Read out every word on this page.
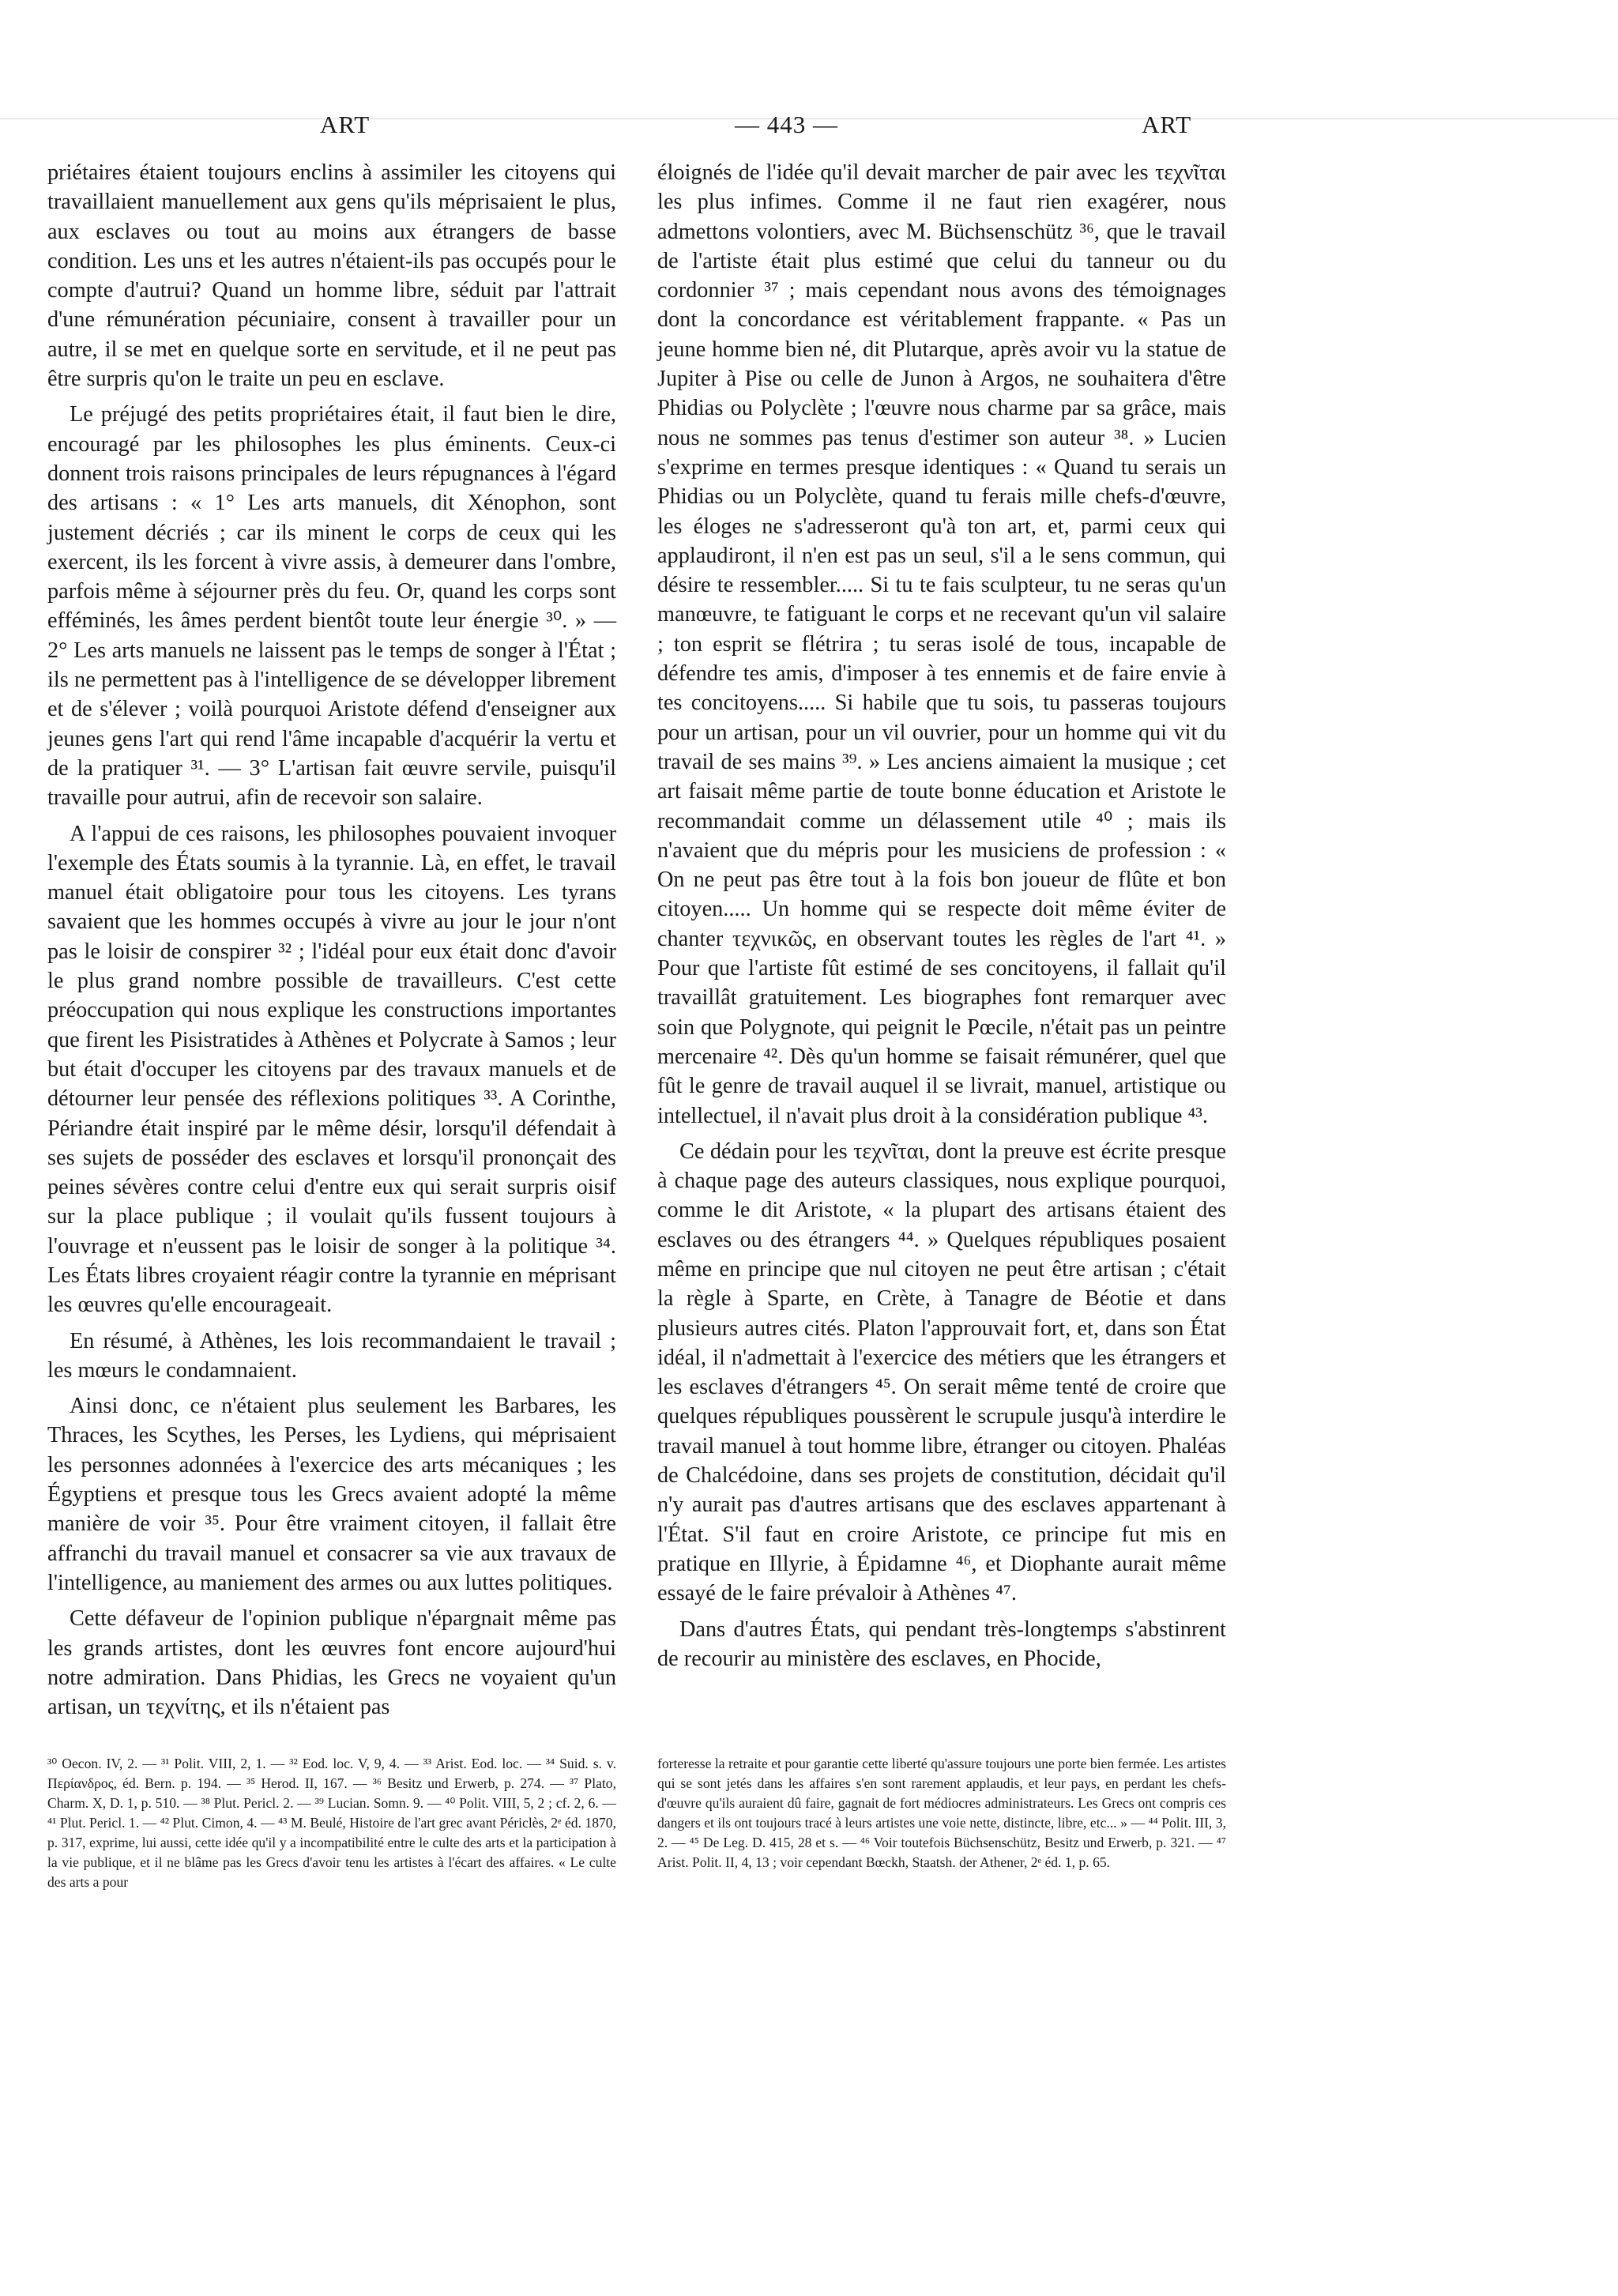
ART	— 443 —	ART

priétaires étaient toujours enclins à assimiler les citoyens qui travaillaient manuellement aux gens qu'ils méprisaient le plus, aux esclaves ou tout au moins aux étrangers de basse condition. Les uns et les autres n'étaient-ils pas occupés pour le compte d'autrui? Quand un homme libre, séduit par l'attrait d'une rémunération pécuniaire, consent à travailler pour un autre, il se met en quelque sorte en servitude, et il ne peut pas être surpris qu'on le traite un peu en esclave.

Le préjugé des petits propriétaires était, il faut bien le dire, encouragé par les philosophes les plus éminents. Ceux-ci donnent trois raisons principales de leurs répugnances à l'égard des artisans : « 1° Les arts manuels, dit Xénophon, sont justement décriés ; car ils minent le corps de ceux qui les exercent, ils les forcent à vivre assis, à demeurer dans l'ombre, parfois même à séjourner près du feu. Or, quand les corps sont efféminés, les âmes perdent bientôt toute leur énergie ³⁰. » — 2° Les arts manuels ne laissent pas le temps de songer à l'État ; ils ne permettent pas à l'intelligence de se développer librement et de s'élever ; voilà pourquoi Aristote défend d'enseigner aux jeunes gens l'art qui rend l'âme incapable d'acquérir la vertu et de la pratiquer ³¹. — 3° L'artisan fait œuvre servile, puisqu'il travaille pour autrui, afin de recevoir son salaire.

A l'appui de ces raisons, les philosophes pouvaient invoquer l'exemple des États soumis à la tyrannie. Là, en effet, le travail manuel était obligatoire pour tous les citoyens. Les tyrans savaient que les hommes occupés à vivre au jour le jour n'ont pas le loisir de conspirer ³² ; l'idéal pour eux était donc d'avoir le plus grand nombre possible de travailleurs. C'est cette préoccupation qui nous explique les constructions importantes que firent les Pisistratides à Athènes et Polycrate à Samos ; leur but était d'occuper les citoyens par des travaux manuels et de détourner leur pensée des réflexions politiques ³³. A Corinthe, Périandre était inspiré par le même désir, lorsqu'il défendait à ses sujets de posséder des esclaves et lorsqu'il prononçait des peines sévères contre celui d'entre eux qui serait surpris oisif sur la place publique ; il voulait qu'ils fussent toujours à l'ouvrage et n'eussent pas le loisir de songer à la politique ³⁴. Les États libres croyaient réagir contre la tyrannie en méprisant les œuvres qu'elle encourageait.

En résumé, à Athènes, les lois recommandaient le travail ; les mœurs le condamnaient.

Ainsi donc, ce n'étaient plus seulement les Barbares, les Thraces, les Scythes, les Perses, les Lydiens, qui méprisaient les personnes adonnées à l'exercice des arts mécaniques ; les Égyptiens et presque tous les Grecs avaient adopté la même manière de voir ³⁵. Pour être vraiment citoyen, il fallait être affranchi du travail manuel et consacrer sa vie aux travaux de l'intelligence, au maniement des armes ou aux luttes politiques.

Cette défaveur de l'opinion publique n'épargnait même pas les grands artistes, dont les œuvres font encore aujourd'hui notre admiration. Dans Phidias, les Grecs ne voyaient qu'un artisan, un τεχνίτης, et ils n'étaient pas

éloignés de l'idée qu'il devait marcher de pair avec les τεχνῖται les plus infimes. Comme il ne faut rien exagérer, nous admettons volontiers, avec M. Büchsenschütz ³⁶, que le travail de l'artiste était plus estimé que celui du tanneur ou du cordonnier ³⁷ ; mais cependant nous avons des témoignages dont la concordance est véritablement frappante. « Pas un jeune homme bien né, dit Plutarque, après avoir vu la statue de Jupiter à Pise ou celle de Junon à Argos, ne souhaitera d'être Phidias ou Polyclète ; l'œuvre nous charme par sa grâce, mais nous ne sommes pas tenus d'estimer son auteur ³⁸. » Lucien s'exprime en termes presque identiques : « Quand tu serais un Phidias ou un Polyclète, quand tu ferais mille chefs-d'œuvre, les éloges ne s'adresseront qu'à ton art, et, parmi ceux qui applaudiront, il n'en est pas un seul, s'il a le sens commun, qui désire te ressembler..... Si tu te fais sculpteur, tu ne seras qu'un manœuvre, te fatiguant le corps et ne recevant qu'un vil salaire ; ton esprit se flétrira ; tu seras isolé de tous, incapable de défendre tes amis, d'imposer à tes ennemis et de faire envie à tes concitoyens..... Si habile que tu sois, tu passeras toujours pour un artisan, pour un vil ouvrier, pour un homme qui vit du travail de ses mains ³⁹. » Les anciens aimaient la musique ; cet art faisait même partie de toute bonne éducation et Aristote le recommandait comme un délassement utile ⁴⁰ ; mais ils n'avaient que du mépris pour les musiciens de profession : « On ne peut pas être tout à la fois bon joueur de flûte et bon citoyen..... Un homme qui se respecte doit même éviter de chanter τεχνικῶς, en observant toutes les règles de l'art ⁴¹. » Pour que l'artiste fût estimé de ses concitoyens, il fallait qu'il travaillât gratuitement. Les biographes font remarquer avec soin que Polygnote, qui peignit le Pœcile, n'était pas un peintre mercenaire ⁴². Dès qu'un homme se faisait rémunérer, quel que fût le genre de travail auquel il se livrait, manuel, artistique ou intellectuel, il n'avait plus droit à la considération publique ⁴³.

Ce dédain pour les τεχνῖται, dont la preuve est écrite presque à chaque page des auteurs classiques, nous explique pourquoi, comme le dit Aristote, « la plupart des artisans étaient des esclaves ou des étrangers ⁴⁴. » Quelques républiques posaient même en principe que nul citoyen ne peut être artisan ; c'était la règle à Sparte, en Crète, à Tanagre de Béotie et dans plusieurs autres cités. Platon l'approuvait fort, et, dans son État idéal, il n'admettait à l'exercice des métiers que les étrangers et les esclaves d'étrangers ⁴⁵. On serait même tenté de croire que quelques républiques poussèrent le scrupule jusqu'à interdire le travail manuel à tout homme libre, étranger ou citoyen. Phaléas de Chalcédoine, dans ses projets de constitution, décidait qu'il n'y aurait pas d'autres artisans que des esclaves appartenant à l'État. S'il faut en croire Aristote, ce principe fut mis en pratique en Illyrie, à Épidamne ⁴⁶, et Diophante aurait même essayé de le faire prévaloir à Athènes ⁴⁷.

Dans d'autres États, qui pendant très-longtemps s'abstinrent de recourir au ministère des esclaves, en Phocide,

³⁰ Oecon. IV, 2. — ³¹ Polit. VIII, 2, 1. — ³² Eod. loc. V, 9, 4. — ³³ Arist. Eod. loc. — ³⁴ Suid. s. v. Περίανδρος, éd. Bern. p. 194. — ³⁵ Herod. II, 167. — ³⁶ Besitz und Erwerb, p. 274. — ³⁷ Plato, Charm. X, D. 1, p. 510. — ³⁸ Plut. Pericl. 2. — ³⁹ Lucian. Somn. 9. — ⁴⁰ Polit. VIII, 5, 2 ; cf. 2, 6. — ⁴¹ Plut. Pericl. 1. — ⁴² Plut. Cimon, 4. — ⁴³ M. Beulé, Histoire de l'art grec avant Périclès, 2ᵉ éd. 1870, p. 317, exprime, lui aussi, cette idée qu'il y a incompatibilité entre le culte des arts et la participation à la vie publique, et il ne blâme pas les Grecs d'avoir tenu les artistes à l'écart des affaires. « Le culte des arts a pour

forteresse la retraite et pour garantie cette liberté qu'assure toujours une porte bien fermée. Les artistes qui se sont jetés dans les affaires s'en sont rarement applaudis, et leur pays, en perdant les chefs-d'œuvre qu'ils auraient dû faire, gagnait de fort médiocres administrateurs. Les Grecs ont compris ces dangers et ils ont toujours tracé à leurs artistes une voie nette, distincte, libre, etc... » — ⁴⁴ Polit. III, 3, 2. — ⁴⁵ De Leg. D. 415, 28 et s. — ⁴⁶ Voir toutefois Büchsenschütz, Besitz und Erwerb, p. 321. — ⁴⁷ Arist. Polit. II, 4, 13 ; voir cependant Bœckh, Staatsh. der Athener, 2ᵉ éd. 1, p. 65.
